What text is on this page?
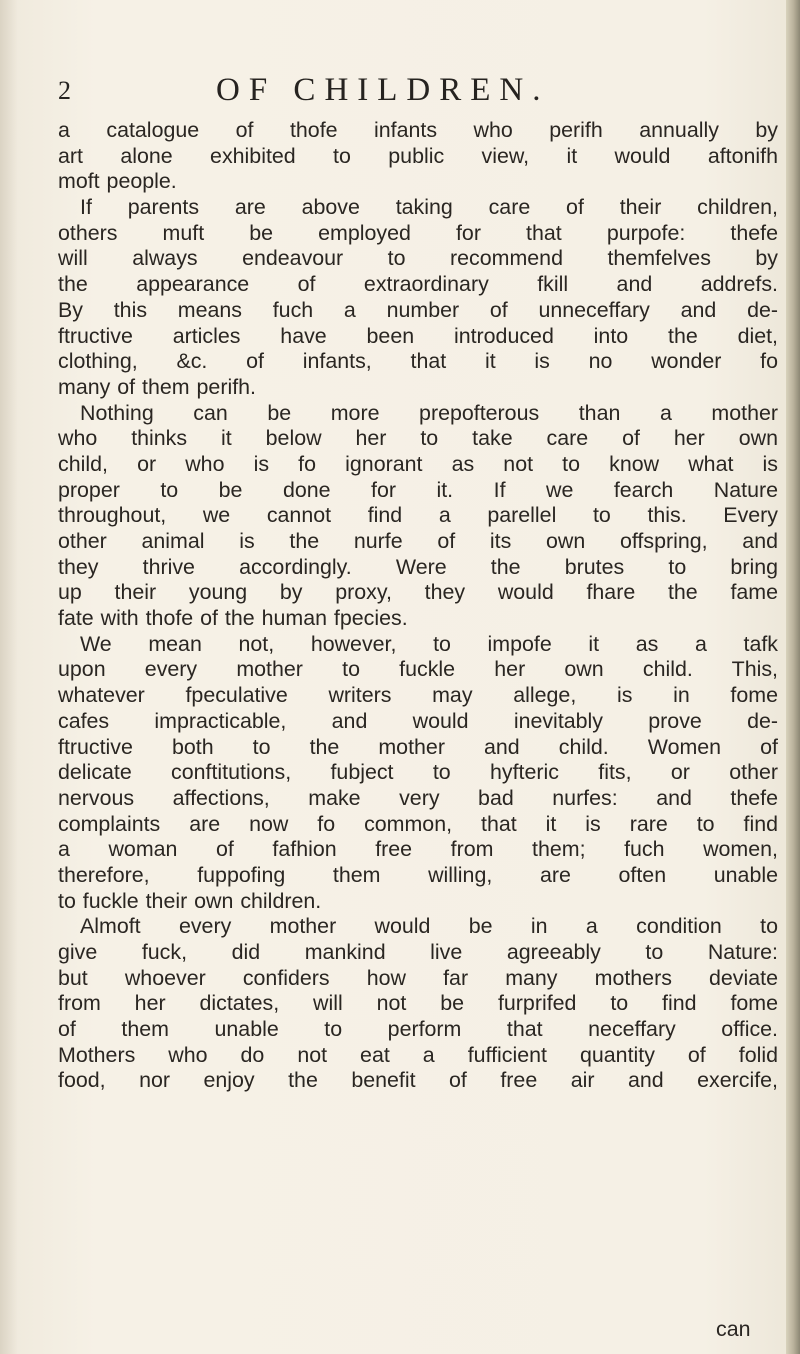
2	OF CHILDREN.
a catalogue of thofe infants who perifh annually by
art alone exhibited to public view, it would aftonifh
moft people.
If parents are above taking care of their children,
others muft be employed for that purpofe: thefe
will always endeavour to recommend themfelves by
the appearance of extraordinary fkill and addrefs.
By this means fuch a number of unneceffary and de-
ftructive articles have been introduced into the diet,
clothing, &c. of infants, that it is no wonder fo
many of them perifh.
Nothing can be more prepofterous than a mother
who thinks it below her to take care of her own
child, or who is fo ignorant as not to know what is
proper to be done for it. If we fearch Nature
throughout, we cannot find a parellel to this. Every
other animal is the nurfe of its own offspring, and
they thrive accordingly. Were the brutes to bring
up their young by proxy, they would fhare the fame
fate with thofe of the human fpecies.
We mean not, however, to impofe it as a tafk
upon every mother to fuckle her own child. This,
whatever fpeculative writers may allege, is in fome
cafes impracticable, and would inevitably prove de-
ftructive both to the mother and child. Women of
delicate conftitutions, fubject to hyfteric fits, or other
nervous affections, make very bad nurfes: and thefe
complaints are now fo common, that it is rare to find
a woman of fafhion free from them; fuch women,
therefore, fuppofing them willing, are often unable
to fuckle their own children.
Almoft every mother would be in a condition to
give fuck, did mankind live agreeably to Nature:
but whoever confiders how far many mothers deviate
from her dictates, will not be furprifed to find fome
of them unable to perform that neceffary office.
Mothers who do not eat a fufficient quantity of folid
food, nor enjoy the benefit of free air and exercife,
can
